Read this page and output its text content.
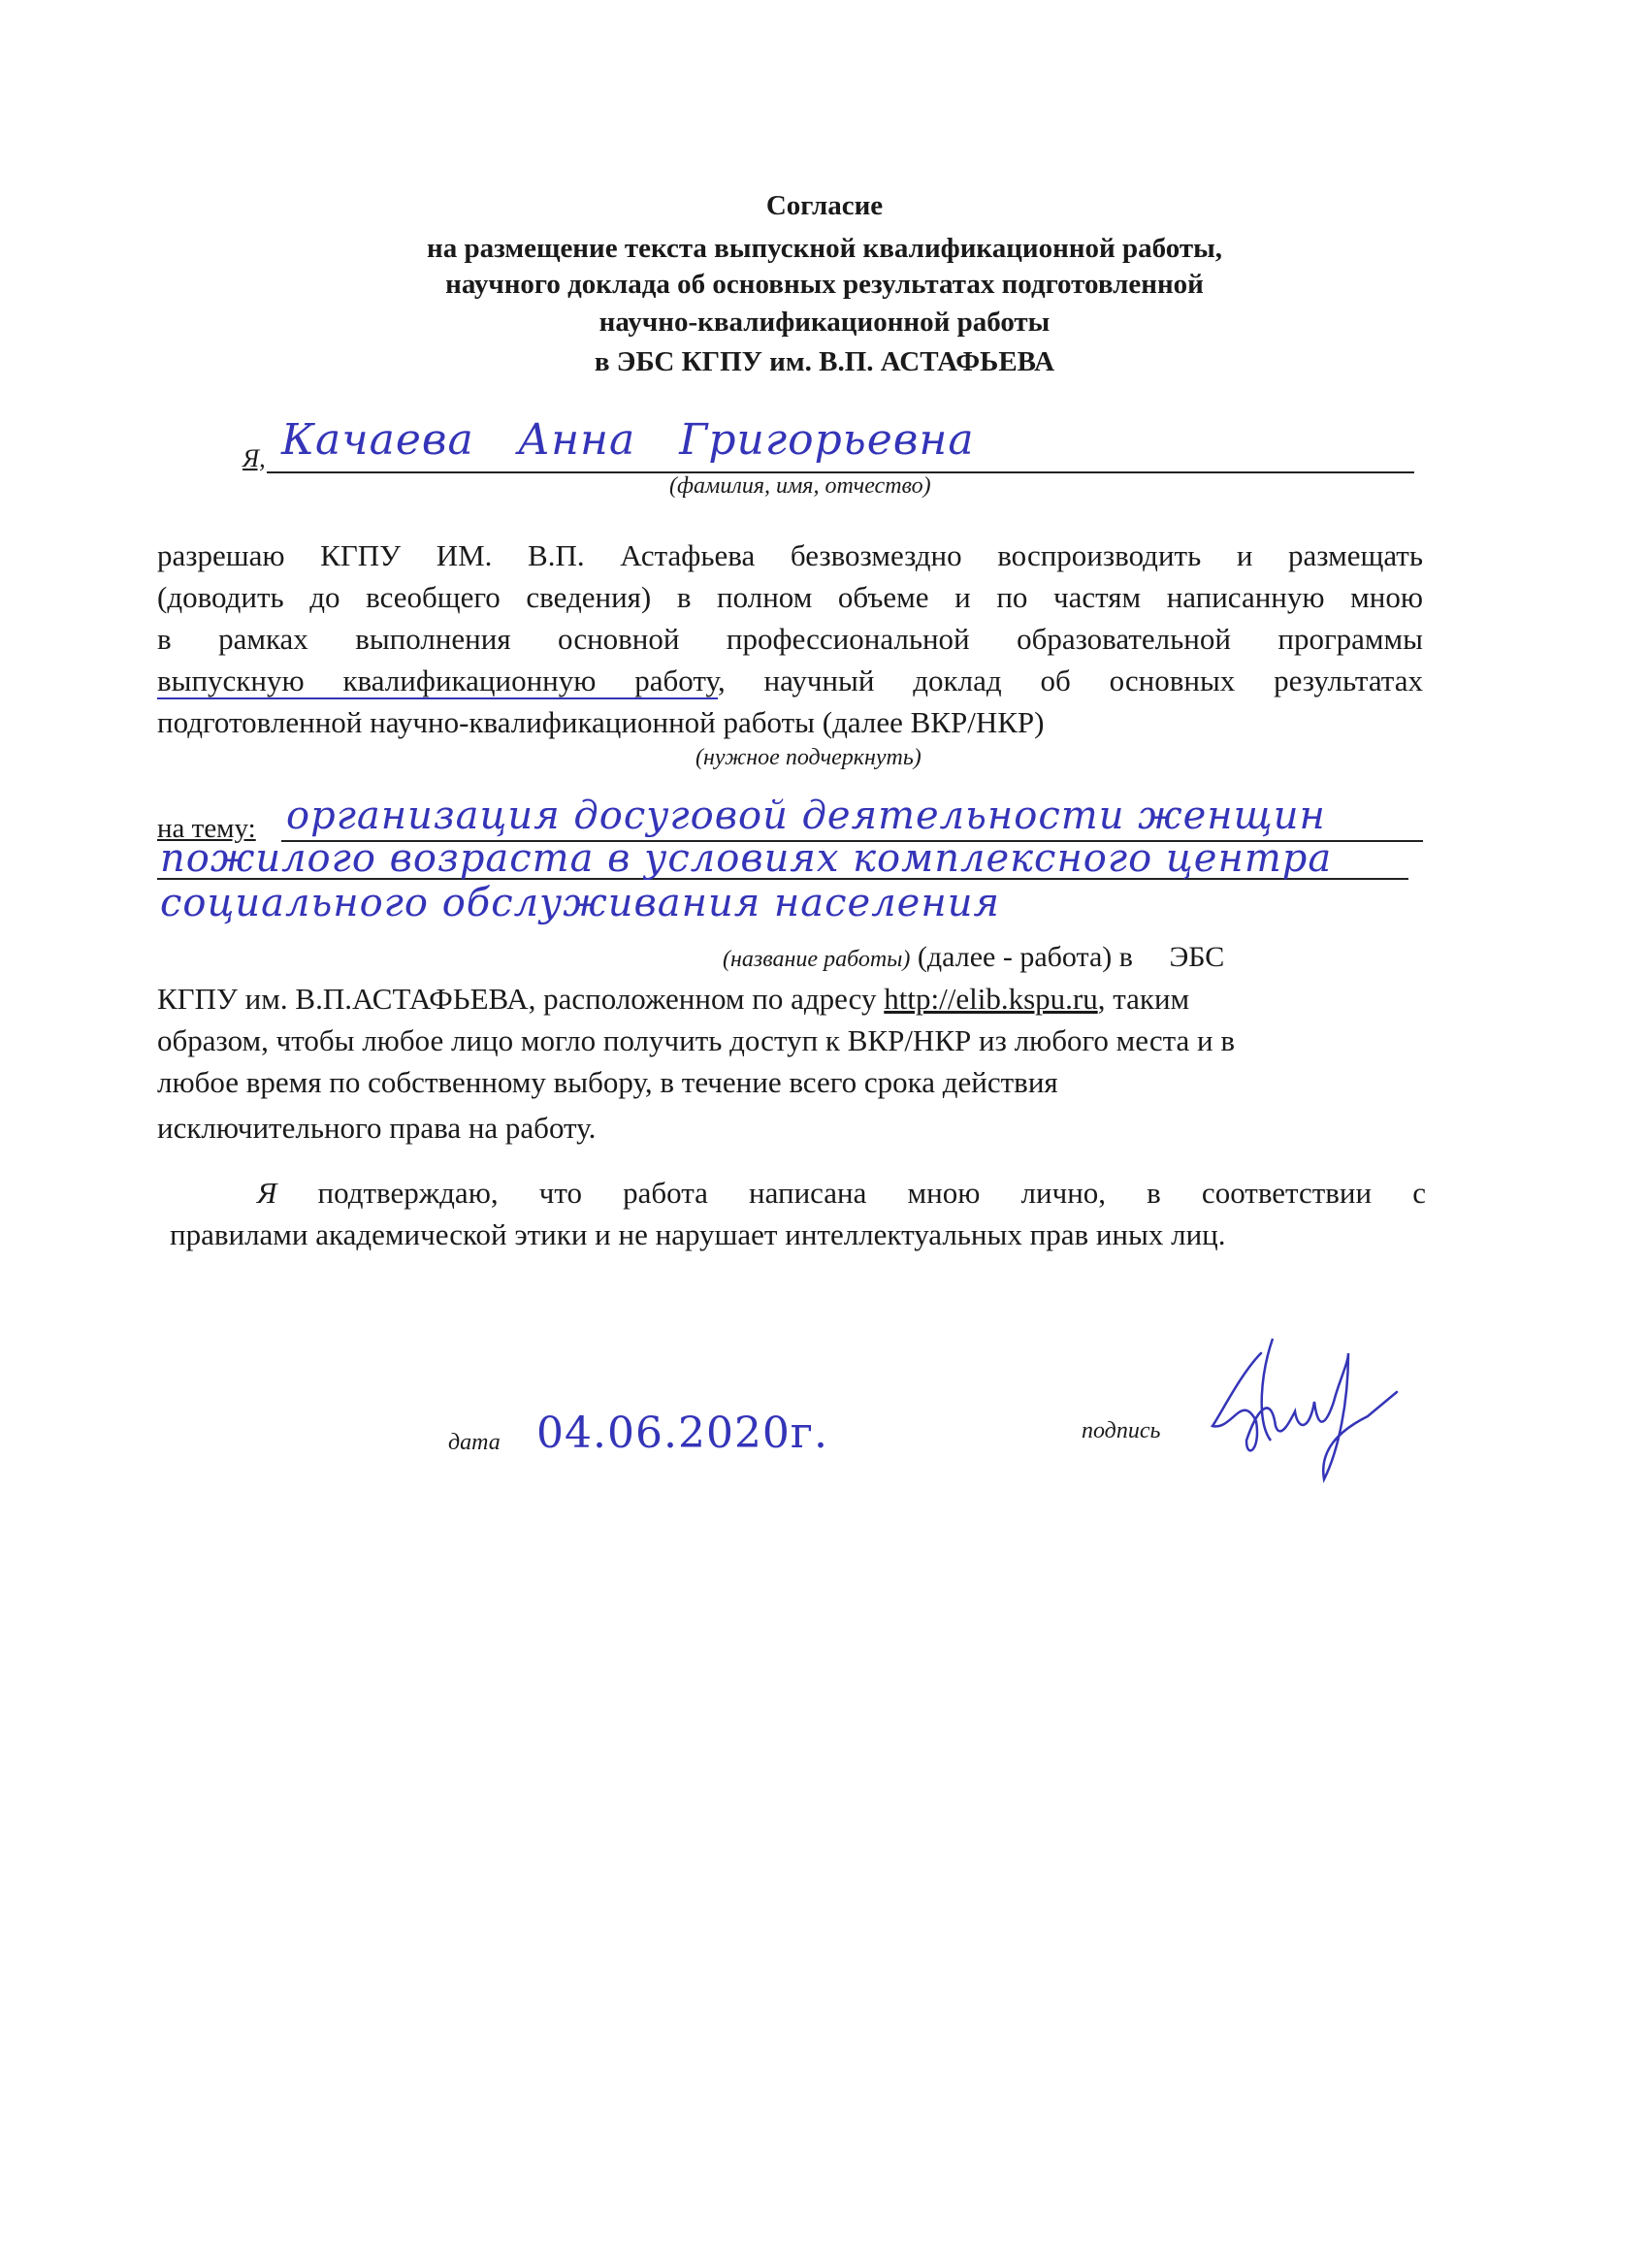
Согласие
на размещение текста выпускной квалификационной работы,
научного доклада об основных результатах подготовленной
научно-квалификационной работы
в ЭБС КГПУ им. В.П. АСТАФЬЕВА
Я, Качаева Анна Григорьевна
(фамилия, имя, отчество)
разрешаю КГПУ ИМ. В.П. Астафьева безвозмездно воспроизводить и размещать
(доводить до всеобщего сведения) в полном объеме и по частям написанную мною
в рамках выполнения основной профессиональной образовательной программы
выпускную квалификационную работу, научный доклад об основных результатах
подготовленной научно-квалификационной работы (далее ВКР/НКР)
(нужное подчеркнуть)
на тему: организация досуговой деятельности женщин
пожилого возраста в условиях комплексного центра
социального обслуживания населения
(название работы) (далее - работа) в     ЭБС
КГПУ им. В.П.АСТАФЬЕВА, расположенном по адресу http://elib.kspu.ru, таким
образом, чтобы любое лицо могло получить доступ к ВКР/НКР из любого места и в
любое время по собственному выбору, в течение всего срока действия
исключительного права на работу.
Я подтверждаю, что работа написана мною лично, в соответствии с
правилами академической этики и не нарушает интеллектуальных прав иных лиц.
дата 04.06.2020г.	подпись
